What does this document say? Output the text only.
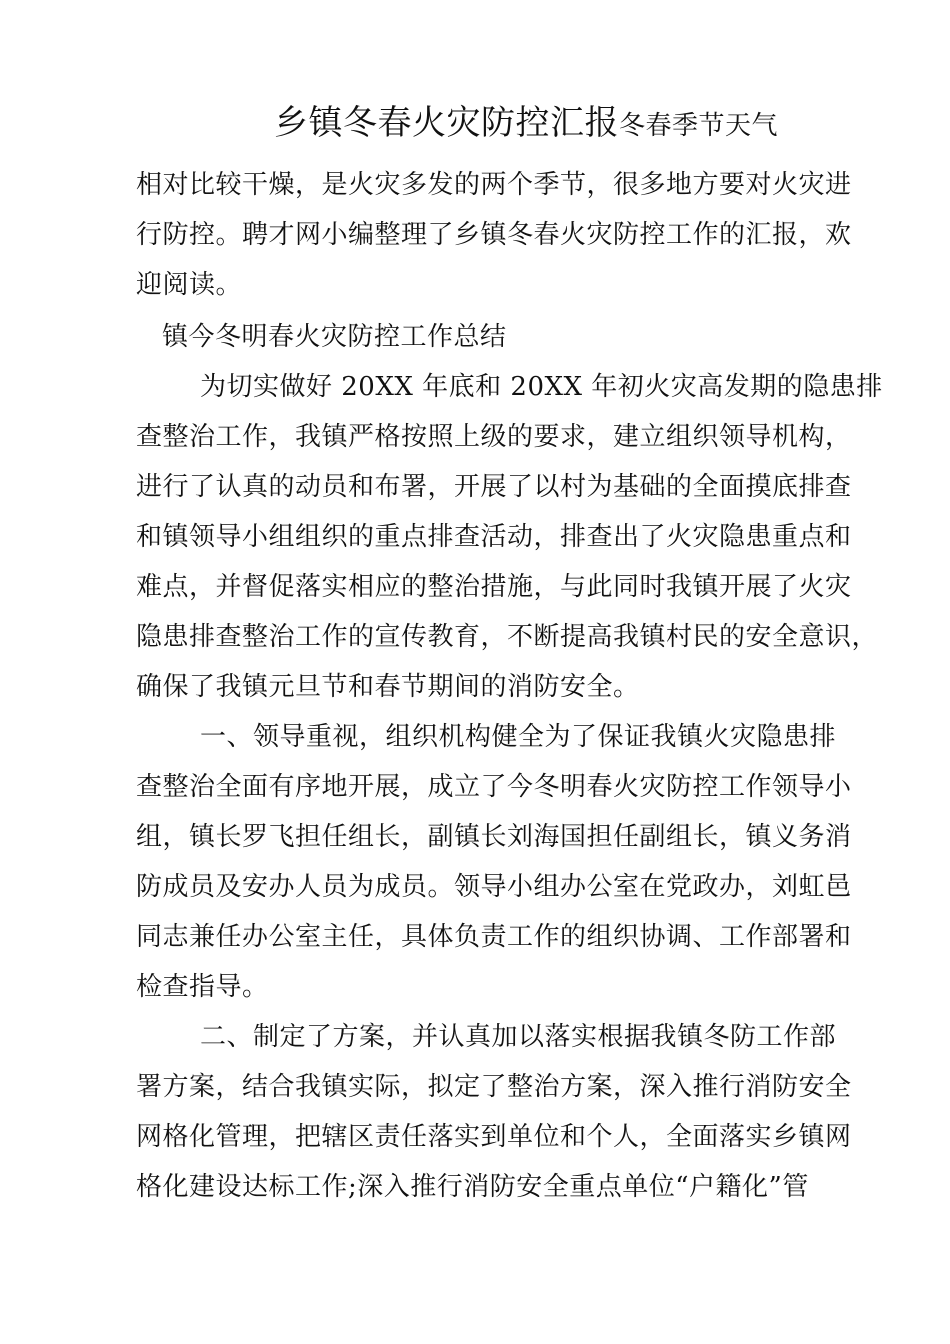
乡镇冬春火灾防控汇报冬春季节天气
相对比较干燥，是火灾多发的两个季节，很多地方要对火灾进
行防控。聘才网小编整理了乡镇冬春火灾防控工作的汇报，欢
迎阅读。
镇今冬明春火灾防控工作总结
为切实做好 20XX 年底和 20XX 年初火灾高发期的隐患排
查整治工作，我镇严格按照上级的要求，建立组织领导机构，
进行了认真的动员和布署，开展了以村为基础的全面摸底排查
和镇领导小组组织的重点排查活动，排查出了火灾隐患重点和
难点，并督促落实相应的整治措施，与此同时我镇开展了火灾
隐患排查整治工作的宣传教育，不断提高我镇村民的安全意识，
确保了我镇元旦节和春节期间的消防安全。
一、领导重视，组织机构健全为了保证我镇火灾隐患排
查整治全面有序地开展，成立了今冬明春火灾防控工作领导小
组，镇长罗飞担任组长，副镇长刘海国担任副组长，镇义务消
防成员及安办人员为成员。领导小组办公室在党政办，刘虹邑
同志兼任办公室主任，具体负责工作的组织协调、工作部署和
检查指导。
二、制定了方案，并认真加以落实根据我镇冬防工作部
署方案，结合我镇实际，拟定了整治方案，深入推行消防安全
网格化管理，把辖区责任落实到单位和个人，全面落实乡镇网
格化建设达标工作;深入推行消防安全重点单位“户籍化”管
